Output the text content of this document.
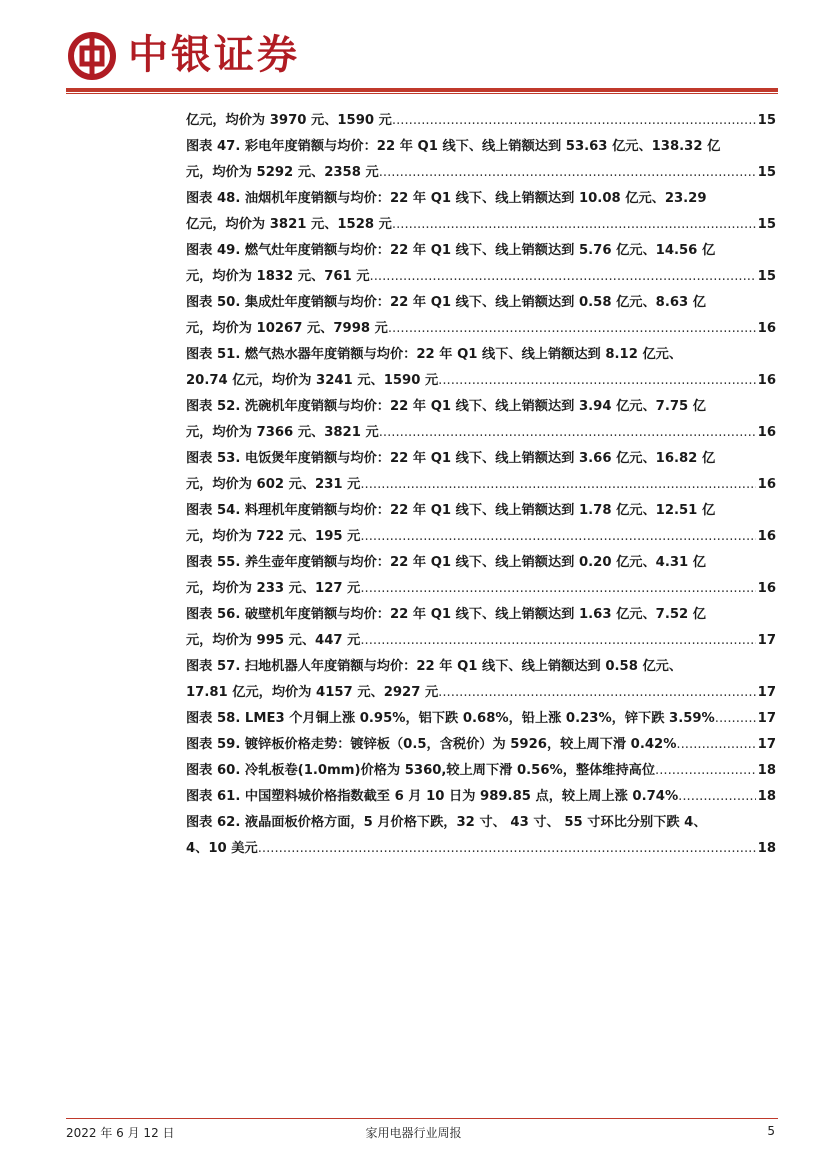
中银证券
亿元，均价为 3970 元、1590 元 .....	15
图表 47. 彩电年度销额与均价：22 年 Q1 线下、线上销额达到 53.63 亿元、138.32 亿
元，均价为 5292 元、2358 元 .....	15
图表 48. 油烟机年度销额与均价：22 年 Q1 线下、线上销额达到 10.08 亿元、23.29
亿元，均价为 3821 元、1528 元 .....	15
图表 49. 燃气灶年度销额与均价：22 年 Q1 线下、线上销额达到 5.76 亿元、14.56 亿
元，均价为 1832 元、761 元 .....	15
图表 50. 集成灶年度销额与均价：22 年 Q1 线下、线上销额达到 0.58 亿元、8.63 亿
元，均价为 10267 元、7998 元 .....	16
图表 51. 燃气热水器年度销额与均价：22 年 Q1 线下、线上销额达到 8.12 亿元、
20.74 亿元，均价为 3241 元、1590 元 .....	16
图表 52. 洗碗机年度销额与均价：22 年 Q1 线下、线上销额达到 3.94 亿元、7.75 亿
元，均价为 7366 元、3821 元 .....	16
图表 53. 电饭煲年度销额与均价：22 年 Q1 线下、线上销额达到 3.66 亿元、16.82 亿
元，均价为 602 元、231 元 .....	16
图表 54. 料理机年度销额与均价：22 年 Q1 线下、线上销额达到 1.78 亿元、12.51 亿
元，均价为 722 元、195 元 .....	16
图表 55. 养生壶年度销额与均价：22 年 Q1 线下、线上销额达到 0.20 亿元、4.31 亿
元，均价为 233 元、127 元 .....	16
图表 56. 破壁机年度销额与均价：22 年 Q1 线下、线上销额达到 1.63 亿元、7.52 亿
元，均价为 995 元、447 元 .....	17
图表 57. 扫地机器人年度销额与均价：22 年 Q1 线下、线上销额达到 0.58 亿元、
17.81 亿元，均价为 4157 元、2927 元 .....	17
图表 58. LME3 个月铜上涨 0.95%，铝下跌 0.68%，铅上涨 0.23%，锌下跌 3.59% .....	17
图表 59. 镀锌板价格走势：镀锌板（0.5，含税价）为 5926，较上周下滑 0.42% .....	17
图表 60. 冷轧板卷(1.0mm)价格为 5360,较上周下滑 0.56%，整体维持高位 .....	18
图表 61. 中国塑料城价格指数截至 6 月 10 日为 989.85 点，较上周上涨 0.74% .....	18
图表 62. 液晶面板价格方面，5 月价格下跌，32 寸、 43 寸、 55 寸环比分别下跌 4、
4、10 美元 .....	18
2022 年 6 月 12 日	家用电器行业周报	5
